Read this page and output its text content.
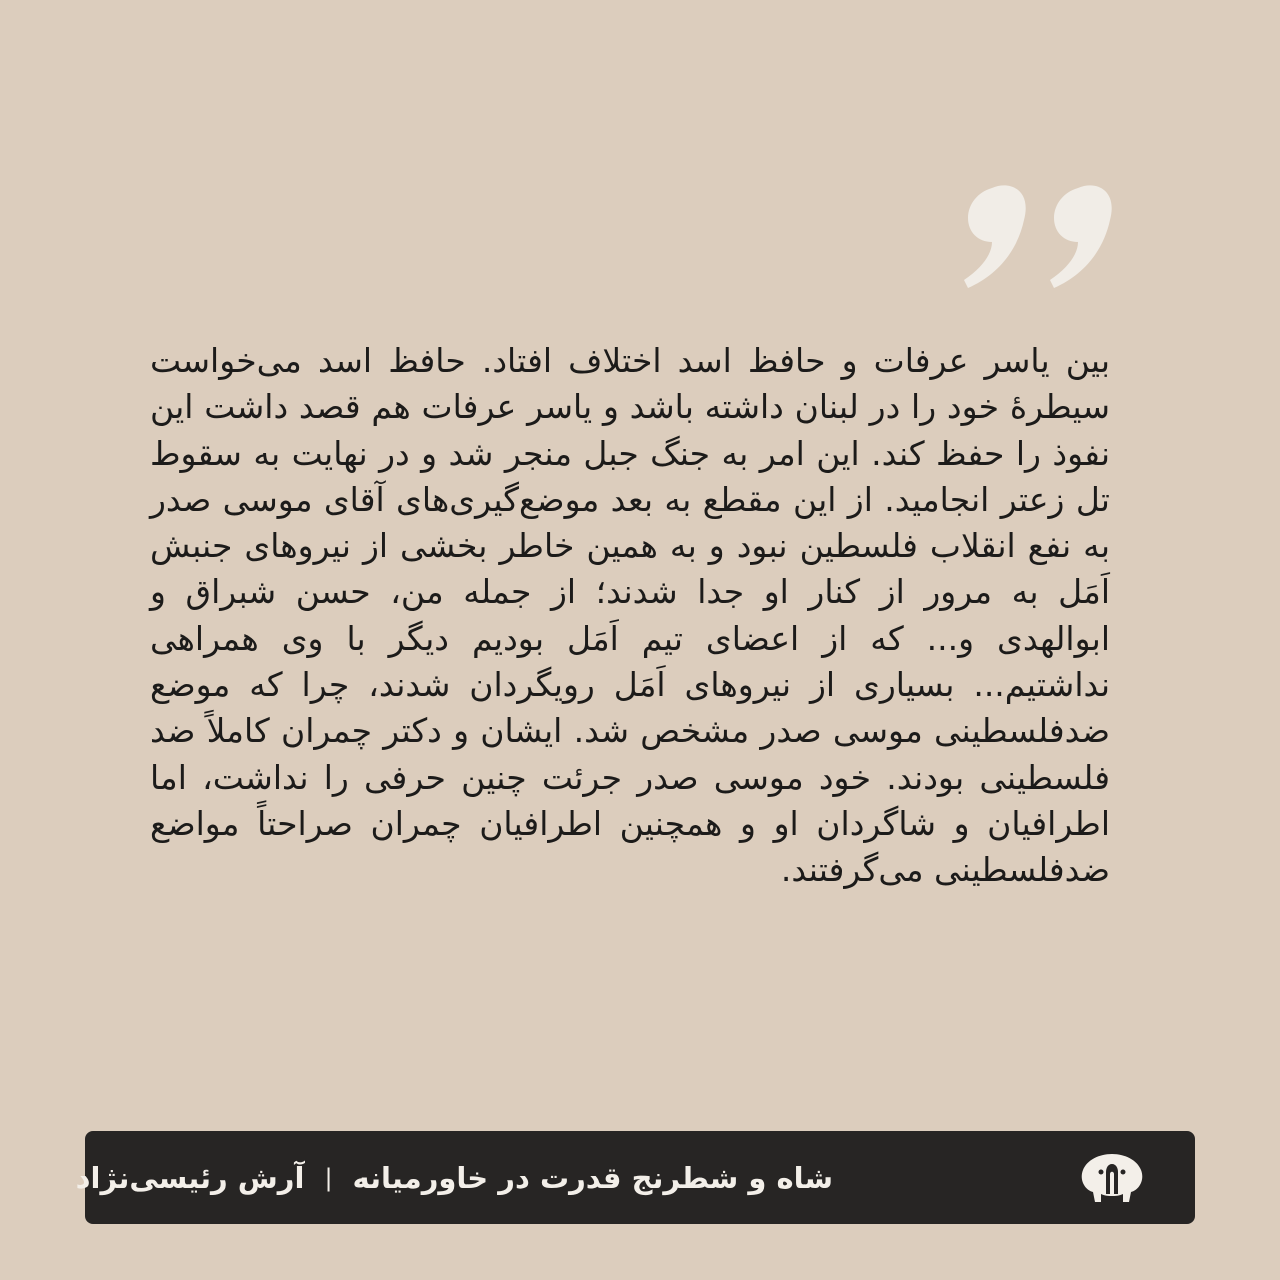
بین یاسر عرفات و حافظ اسد اختلاف افتاد. حافظ اسد می‌خواست سیطرهٔ خود را در لبنان داشته باشد و یاسر عرفات هم قصد داشت این نفوذ را حفظ کند. این امر به جنگ جبل منجر شد و در نهایت به سقوط تل زعتر انجامید. از این مقطع به بعد موضع‌گیری‌های آقای موسی صدر به نفع انقلاب فلسطین نبود و به همین خاطر بخشی از نیروهای جنبش اَمَل به مرور از کنار او جدا شدند؛ از جمله من، حسن شبراق و ابوالهدی و... که از اعضای تیم اَمَل بودیم دیگر با وی همراهی نداشتیم... بسیاری از نیروهای اَمَل رویگردان شدند، چرا که موضع ضدفلسطینی موسی صدر مشخص شد. ایشان و دکتر چمران کاملاً ضد فلسطینی بودند. خود موسی صدر جرئت چنین حرفی را نداشت، اما اطرافیان و شاگردان او و همچنین اطرافیان چمران صراحتاً مواضع ضدفلسطینی می‌گرفتند.

شاه و شطرنج قدرت در خاورمیانه
|
آرش رئیسی‌نژاد
